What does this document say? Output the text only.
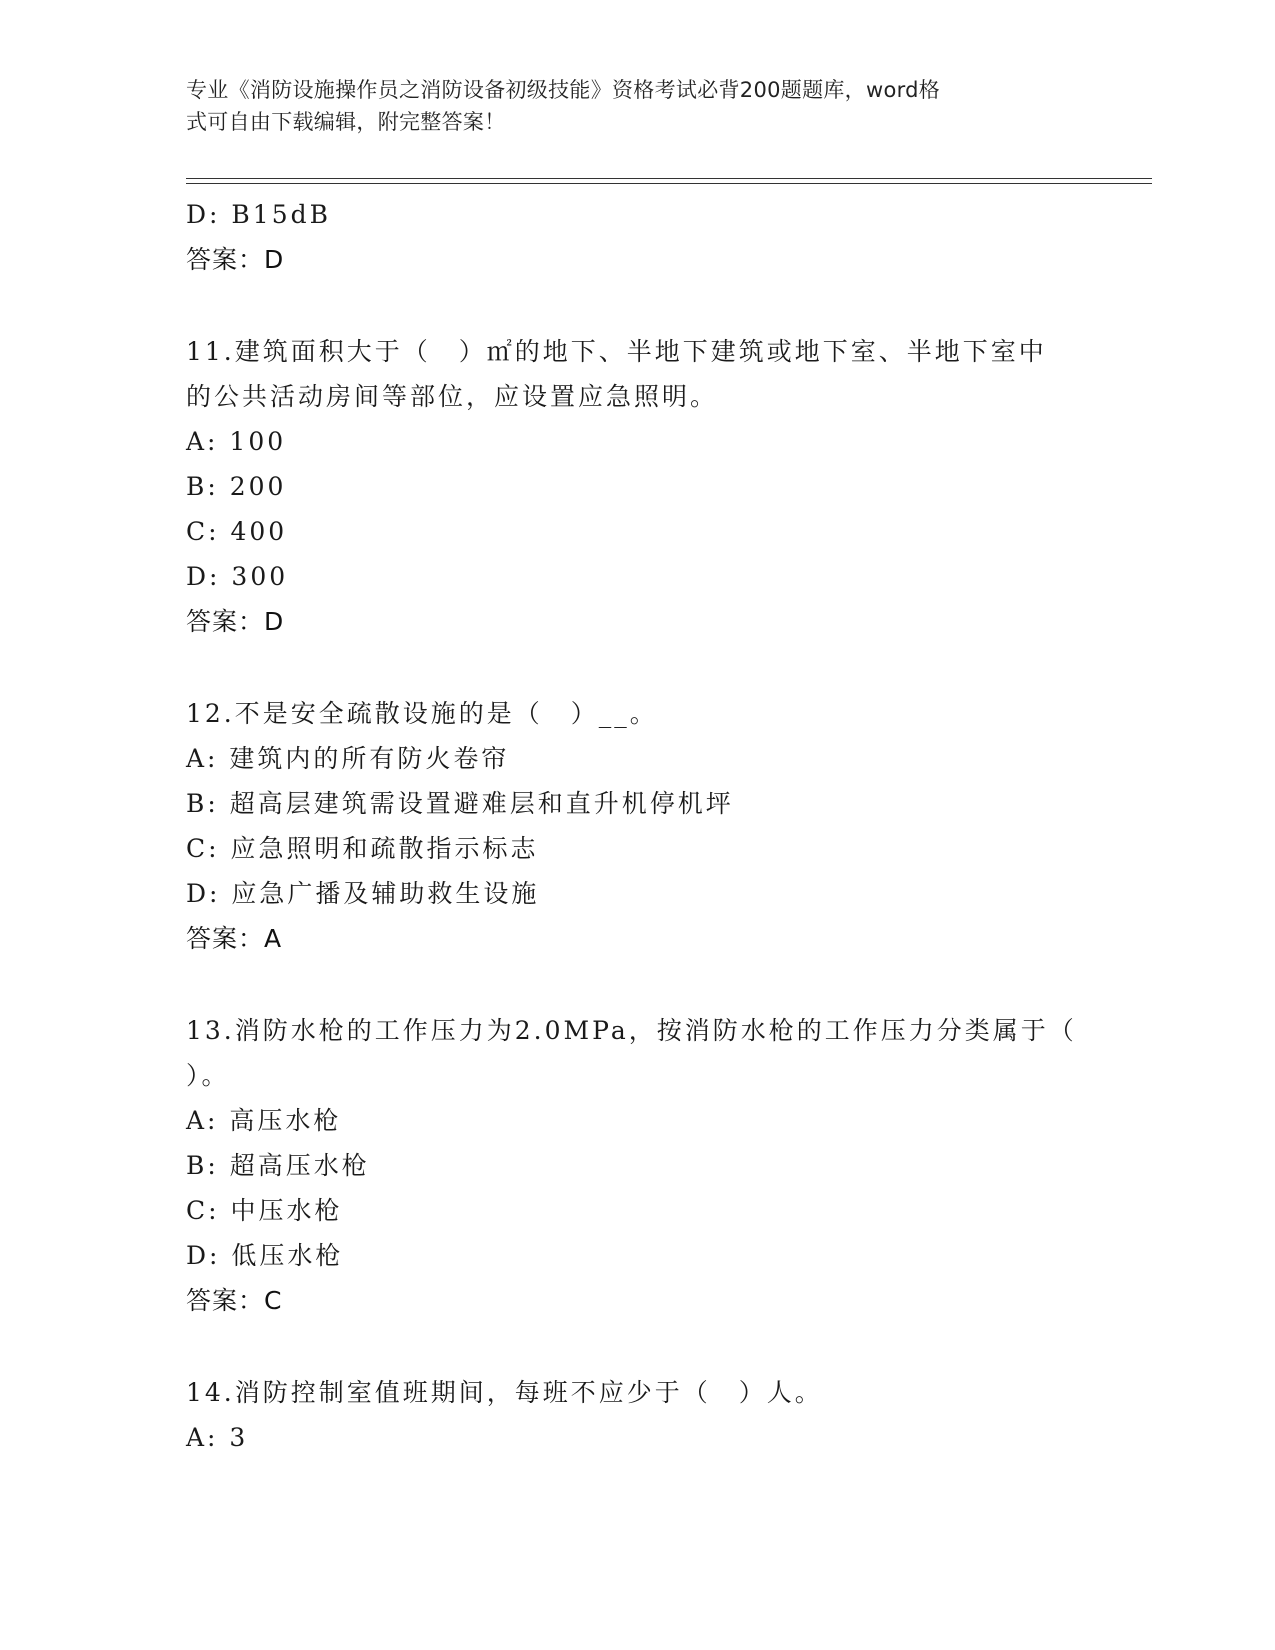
专业《消防设施操作员之消防设备初级技能》资格考试必背200题题库，word格
式可自由下载编辑，附完整答案！
D: B15dB
答案：D
11.建筑面积大于（　）㎡的地下、半地下建筑或地下室、半地下室中
的公共活动房间等部位，应设置应急照明。
A: 100
B: 200
C: 400
D: 300
答案：D
12.不是安全疏散设施的是（　）__。
A: 建筑内的所有防火卷帘
B: 超高层建筑需设置避难层和直升机停机坪
C: 应急照明和疏散指示标志
D: 应急广播及辅助救生设施
答案：A
13.消防水枪的工作压力为2.0MPa，按消防水枪的工作压力分类属于（
）。
A: 高压水枪
B: 超高压水枪
C: 中压水枪
D: 低压水枪
答案：C
14.消防控制室值班期间，每班不应少于（　）人。
A: 3
